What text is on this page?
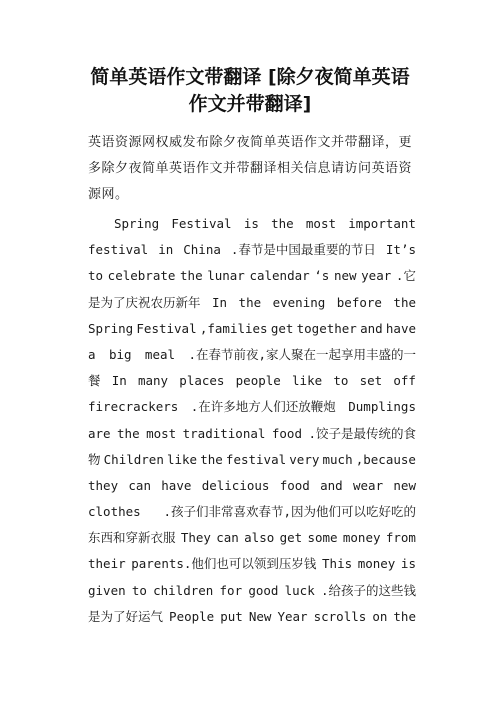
简单英语作文带翻译 [除夕夜简单英语
作文并带翻译]
英语资源网权威发布除夕夜简单英语作文并带翻译，更
多除夕夜简单英语作文并带翻译相关信息请访问英语资
源网。
Spring Festival is the most important
festival in China .春节是中国最重要的节日 It’s
to celebrate the lunar calendar ‘s new year .它
是为了庆祝农历新年 In the evening before the
Spring Festival ,families get together and have
a big meal .在春节前夜,家人聚在一起享用丰盛的一
餐 In many places people like to set off
firecrackers .在许多地方人们还放鞭炮 Dumplings
are the most traditional food .饺子是最传统的食
物 Children like the festival very much ,because
they can have delicious food and wear new
clothes .孩子们非常喜欢春节,因为他们可以吃好吃的
东西和穿新衣服 They can also get some money from
their parents.他们也可以领到压岁钱 This money is
given to children for good luck .给孩子的这些钱
是为了好运气 People put New Year scrolls on the
